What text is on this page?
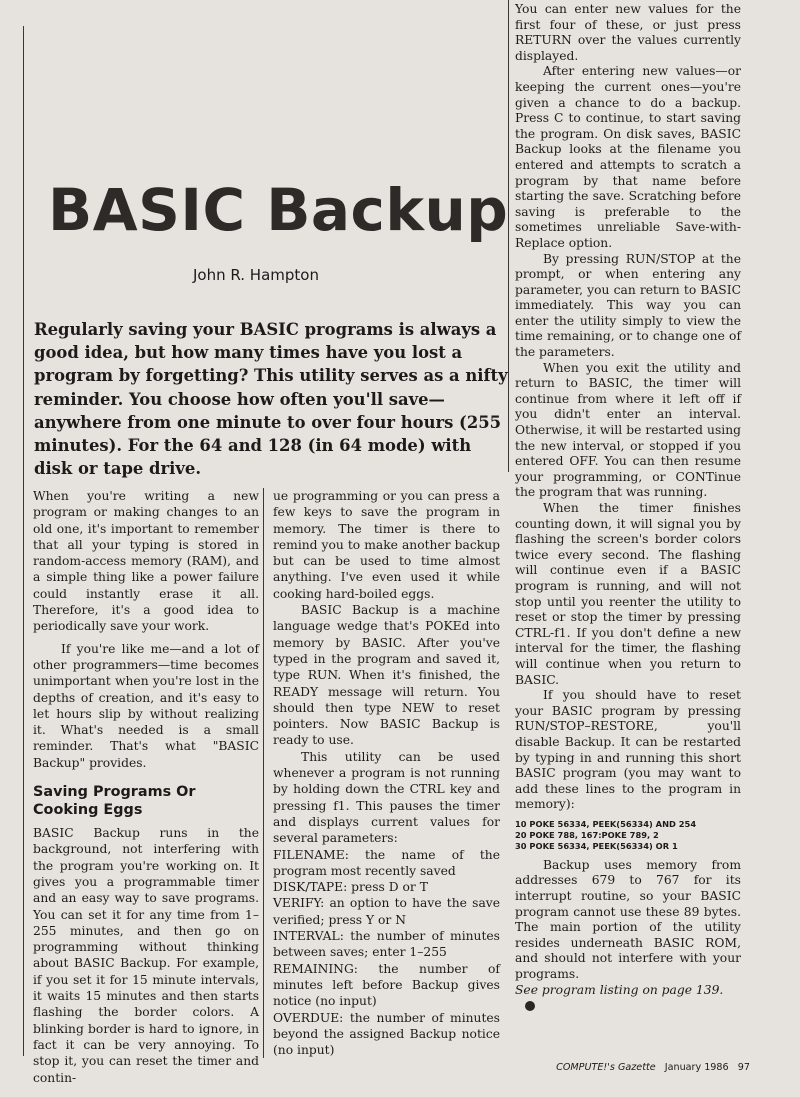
BASIC Backup
John R. Hampton
Regularly saving your BASIC programs is always a good idea, but how many times have you lost a program by forgetting? This utility serves as a nifty reminder. You choose how often you'll save—anywhere from one minute to over four hours (255 minutes). For the 64 and 128 (in 64 mode) with disk or tape drive.

When you're writing a new program or making changes to an old one, it's important to remember that all your typing is stored in random-access memory (RAM), and a simple thing like a power failure could instantly erase it all. Therefore, it's a good idea to periodically save your work.

If you're like me—and a lot of other programmers—time becomes unimportant when you're lost in the depths of creation, and it's easy to let hours slip by without realizing it. What's needed is a small reminder. That's what "BASIC Backup" provides.

Saving Programs Or Cooking Eggs

BASIC Backup runs in the background, not interfering with the program you're working on. It gives you a programmable timer and an easy way to save programs. You can set it for any time from 1–255 minutes, and then go on programming without thinking about BASIC Backup. For example, if you set it for 15 minute intervals, it waits 15 minutes and then starts flashing the border colors. A blinking border is hard to ignore, in fact it can be very annoying. To stop it, you can reset the timer and contin-

ue programming or you can press a few keys to save the program in memory. The timer is there to remind you to make another backup but can be used to time almost anything. I've even used it while cooking hard-boiled eggs.

BASIC Backup is a machine language wedge that's POKEd into memory by BASIC. After you've typed in the program and saved it, type RUN. When it's finished, the READY message will return. You should then type NEW to reset pointers. Now BASIC Backup is ready to use.

This utility can be used whenever a program is not running by holding down the CTRL key and pressing f1. This pauses the timer and displays current values for several parameters:

FILENAME: the name of the program most recently saved

DISK/TAPE: press D or T

VERIFY: an option to have the save verified; press Y or N

INTERVAL: the number of minutes between saves; enter 1–255

REMAINING: the number of minutes left before Backup gives notice (no input)

OVERDUE: the number of minutes beyond the assigned Backup notice (no input)

You can enter new values for the first four of these, or just press RETURN over the values currently displayed.

After entering new values—or keeping the current ones—you're given a chance to do a backup. Press C to continue, to start saving the program. On disk saves, BASIC Backup looks at the filename you entered and attempts to scratch a program by that name before starting the save. Scratching before saving is preferable to the sometimes unreliable Save-with-Replace option.

By pressing RUN/STOP at the prompt, or when entering any parameter, you can return to BASIC immediately. This way you can enter the utility simply to view the time remaining, or to change one of the parameters.

When you exit the utility and return to BASIC, the timer will continue from where it left off if you didn't enter an interval. Otherwise, it will be restarted using the new interval, or stopped if you entered OFF. You can then resume your programming, or CONTinue the program that was running.

When the timer finishes counting down, it will signal you by flashing the screen's border colors twice every second. The flashing will continue even if a BASIC program is running, and will not stop until you reenter the utility to reset or stop the timer by pressing CTRL-f1. If you don't define a new interval for the timer, the flashing will continue when you return to BASIC.

If you should have to reset your BASIC program by pressing RUN/STOP–RESTORE, you'll disable Backup. It can be restarted by typing in and running this short BASIC program (you may want to add these lines to the program in memory):

10 POKE 56334, PEEK(56334) AND 254
20 POKE 788, 167:POKE 789, 2
30 POKE 56334, PEEK(56334) OR 1

Backup uses memory from addresses 679 to 767 for its interrupt routine, so your BASIC program cannot use these 89 bytes. The main portion of the utility resides underneath BASIC ROM, and should not interfere with your programs.

See program listing on page 139.

COMPUTE!'s Gazette January 1986 97
